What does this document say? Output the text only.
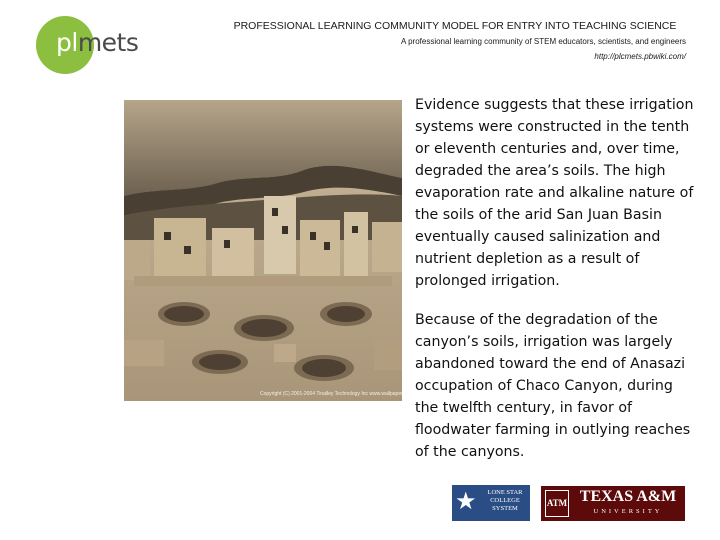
plmets
PROFESSIONAL LEARNING COMMUNITY MODEL FOR ENTRY INTO TEACHING SCIENCE
A professional learning community of STEM educators, scientists, and engineers
http://plcmets.pbwiki.com/
Copyright (C) 2001-2004 Tinalley Technology Inc www.wallpaperworld.com

Evidence suggests that these irrigation systems were constructed in the tenth or eleventh centuries and, over time, degraded the area’s soils. The high evaporation rate and alkaline nature of the soils of the arid San Juan Basin eventually caused salinization and nutrient depletion as a result of prolonged irrigation.

Because of the degradation of the canyon’s soils, irrigation was largely abandoned toward the end of Anasazi occupation of Chaco Canyon, during the twelfth century, in favor of floodwater farming in outlying reaches of the canyons.

★	LONE STAR COLLEGE SYSTEM
ATM TEXAS A&M
UNIVERSITY
